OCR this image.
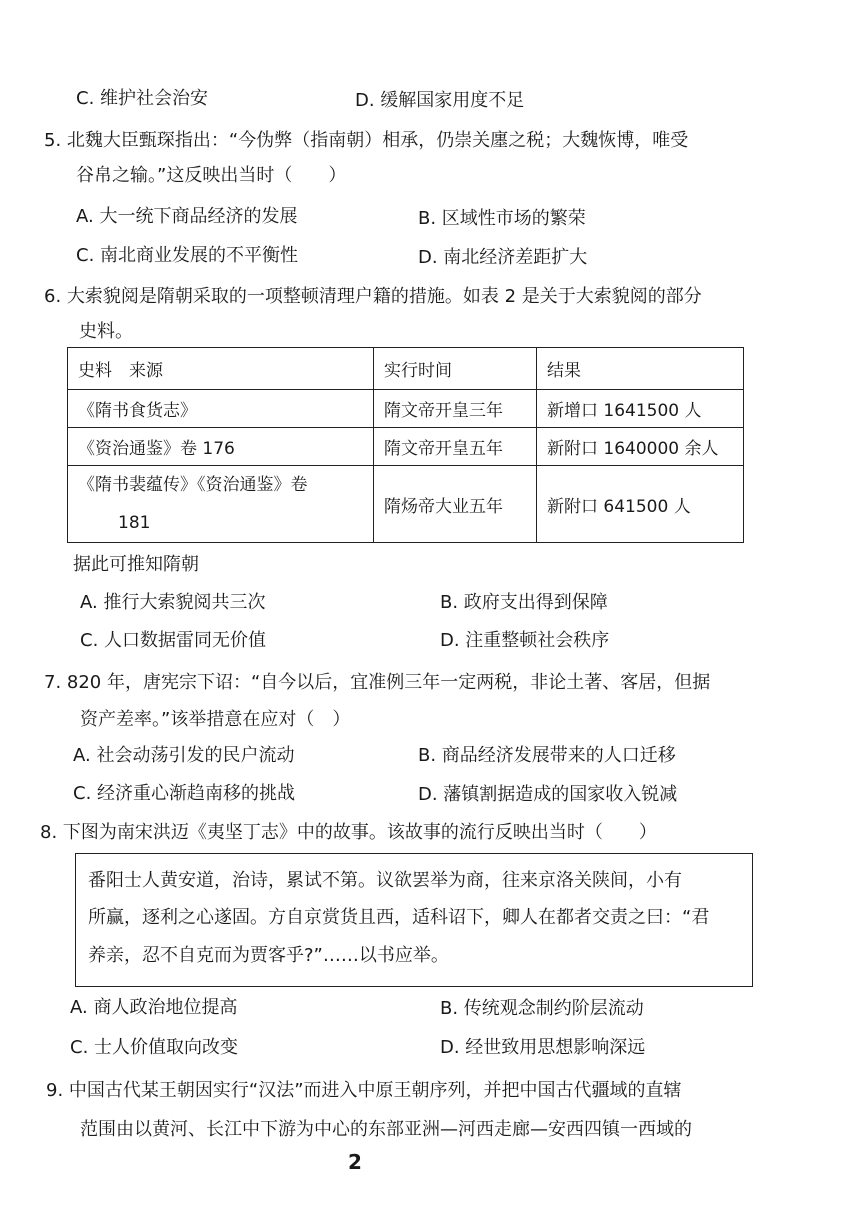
C. 维护社会治安	D. 缓解国家用度不足
5. 北魏大臣甄琛指出：“今伪弊（指南朝）相承，仍崇关廛之税；大魏恢博，唯受
谷帛之输。”这反映出当时（　　）
A. 大一统下商品经济的发展	B. 区域性市场的繁荣
C. 南北商业发展的不平衡性	D. 南北经济差距扩大
6. 大索貌阅是隋朝采取的一项整顿清理户籍的措施。如表 2 是关于大索貌阅的部分
史料。
史料　来源	实行时间	结果
《隋书食货志》	隋文帝开皇三年	新增口 1641500 人
《资治通鉴》卷 176	隋文帝开皇五年	新附口 1640000 余人

《隋书裴蕴传》《资治通鉴》卷
181	隋炀帝大业五年	新附口 641500 人
据此可推知隋朝
A. 推行大索貌阅共三次	B. 政府支出得到保障
C. 人口数据雷同无价值	D. 注重整顿社会秩序
7. 820 年，唐宪宗下诏：“自今以后，宜准例三年一定两税，非论土著、客居，但据
资产差率。”该举措意在应对（　）
A. 社会动荡引发的民户流动	B. 商品经济发展带来的人口迁移
C. 经济重心渐趋南移的挑战	D. 藩镇割据造成的国家收入锐减
8. 下图为南宋洪迈《夷坚丁志》中的故事。该故事的流行反映出当时（　　）
番阳士人黄安道，治诗，累试不第。议欲罢举为商，往来京洛关陕间，小有
所赢，逐利之心遂固。方自京赏货且西，适科诏下，卿人在都者交责之曰：“君
养亲，忍不自克而为贾客乎?”……以书应举。
A. 商人政治地位提高	B. 传统观念制约阶层流动
C. 士人价值取向改变	D. 经世致用思想影响深远
9. 中国古代某王朝因实行“汉法”而进入中原王朝序列，并把中国古代疆域的直辖
范围由以黄河、长江中下游为中心的东部亚洲—河西走廊—安西四镇一西域的
2
